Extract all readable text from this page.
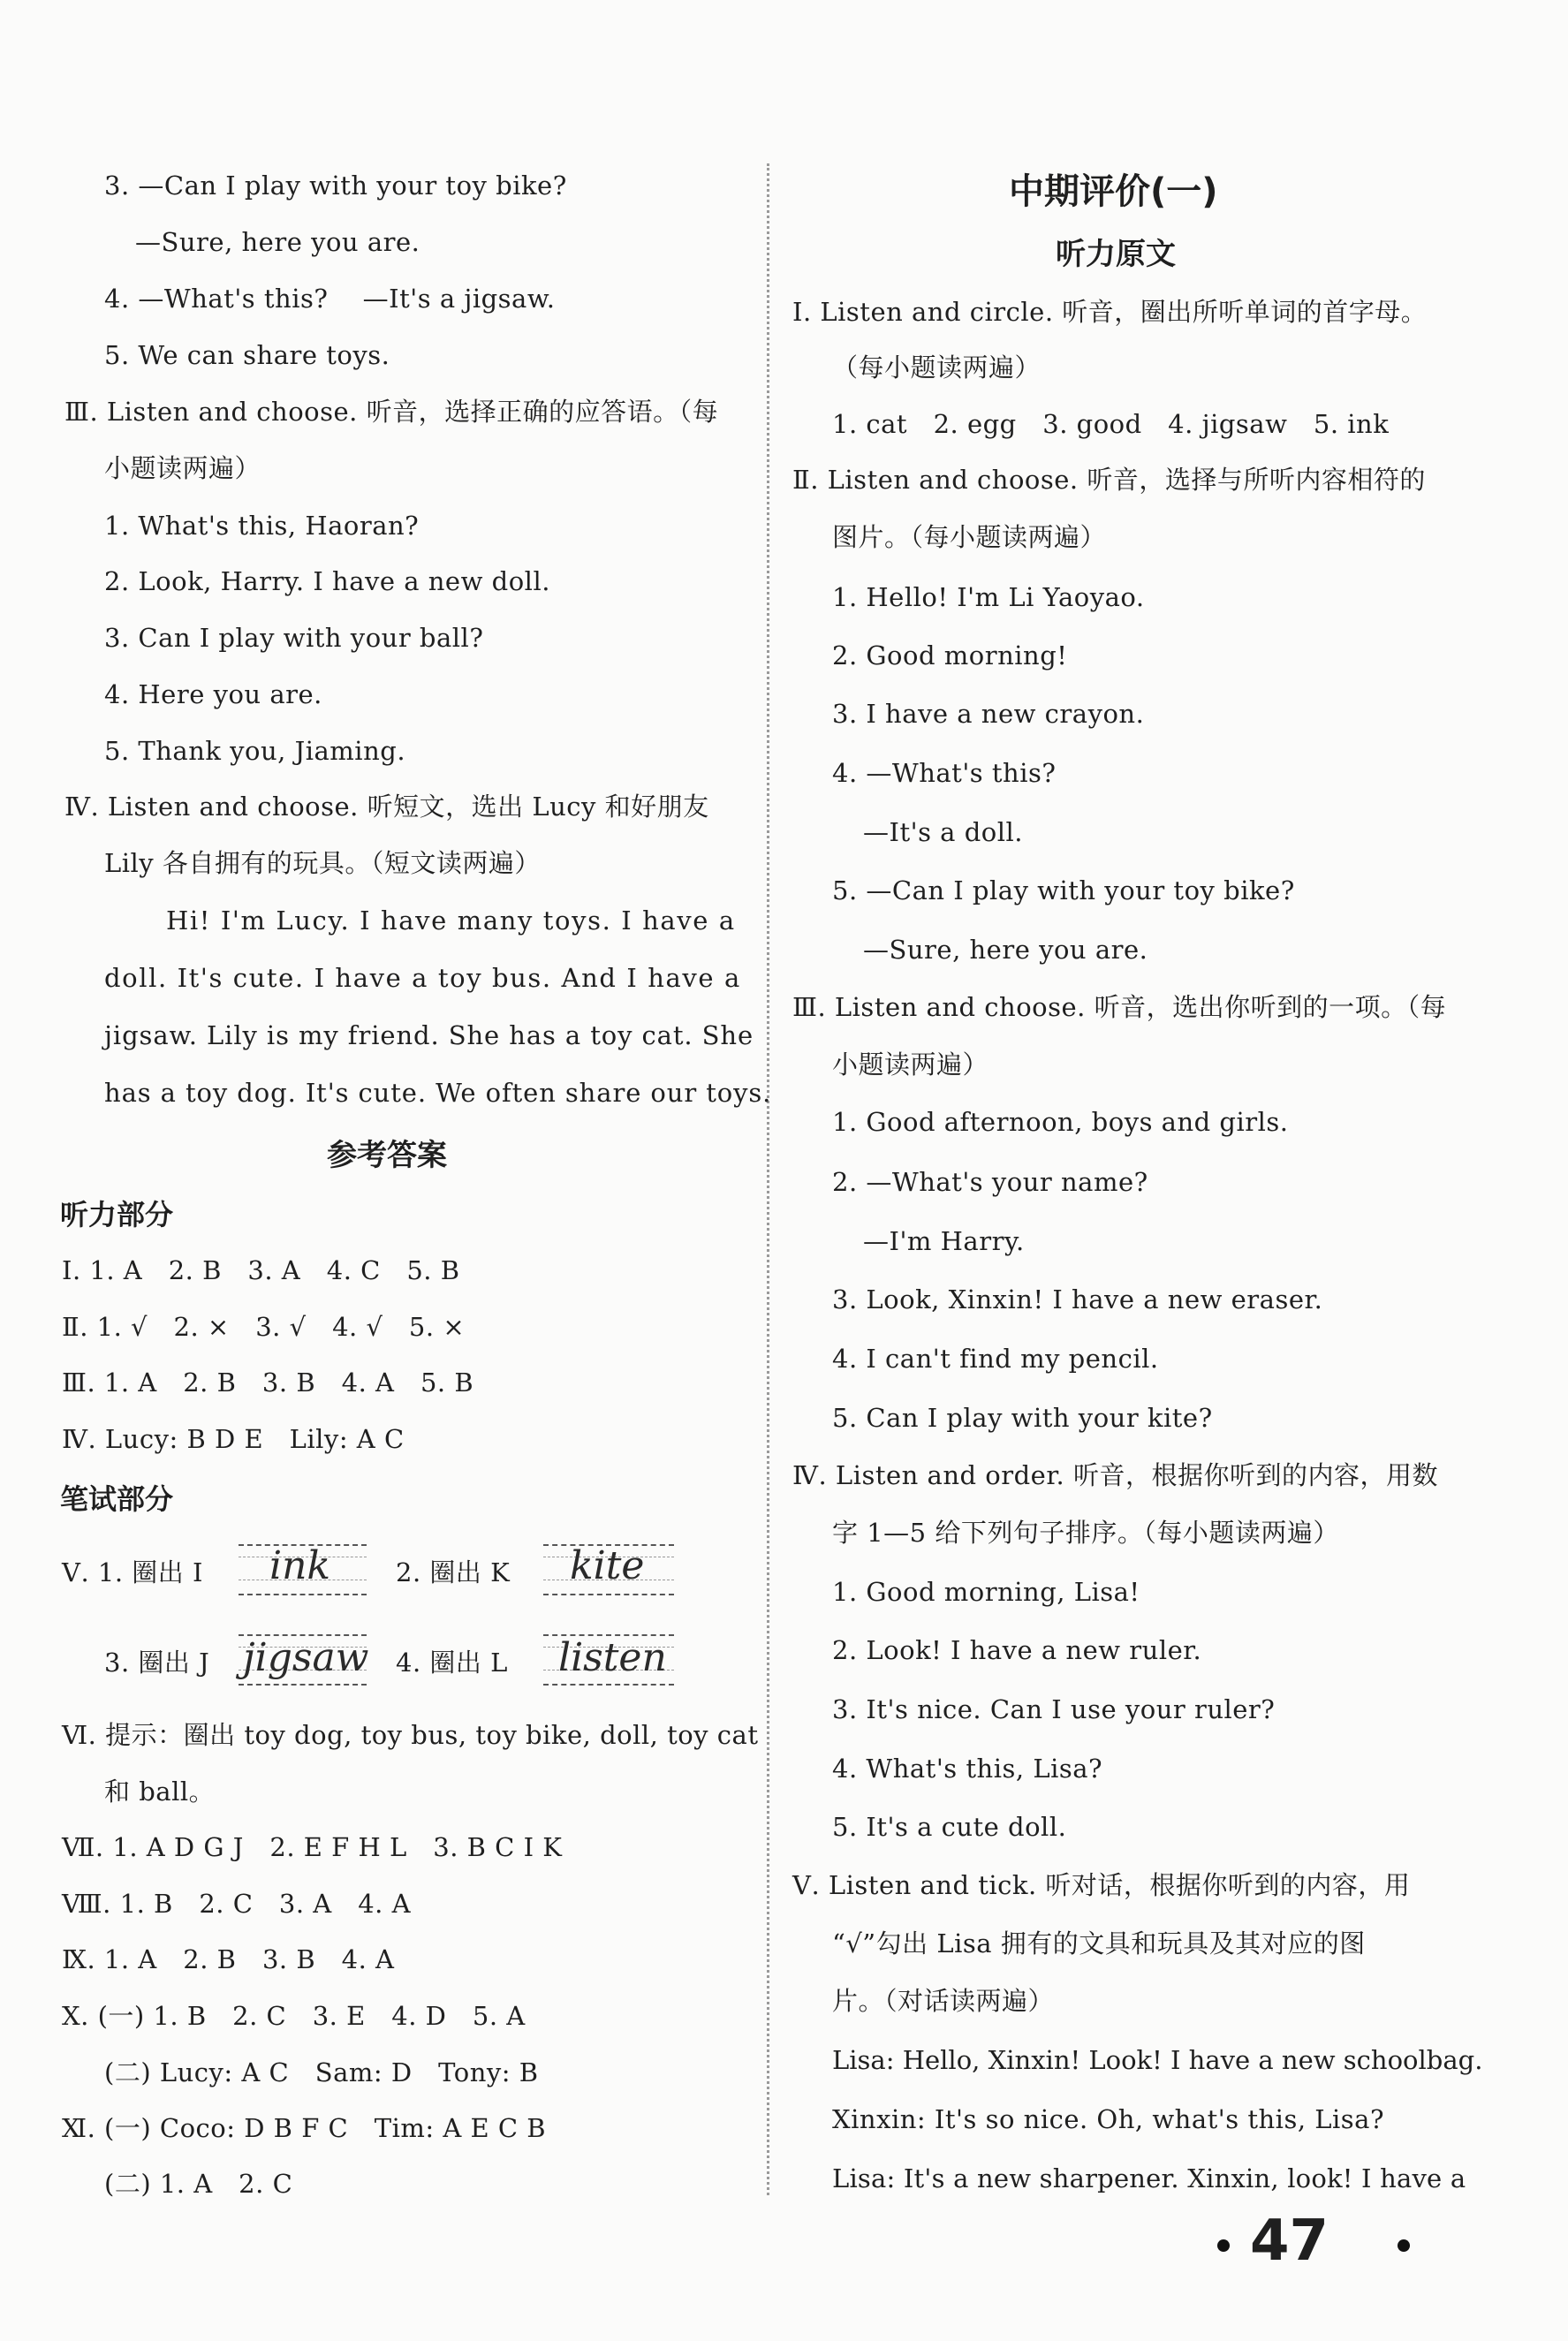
3. —Can I play with your toy bike?
—Sure, here you are.
4. —What's this?　 —It's a jigsaw.
5. We can share toys.
Ⅲ. Listen and choose. 听音，选择正确的应答语。（每
小题读两遍）
1. What's this, Haoran?
2. Look, Harry. I have a new doll.
3. Can I play with your ball?
4. Here you are.
5. Thank you, Jiaming.
Ⅳ. Listen and choose. 听短文，选出 Lucy 和好朋友
Lily 各自拥有的玩具。（短文读两遍）
Hi! I'm Lucy. I have many toys. I have a
doll. It's cute. I have a toy bus. And I have a
jigsaw. Lily is my friend. She has a toy cat. She
has a toy dog. It's cute. We often share our toys.
参考答案
听力部分
Ⅰ. 1. A　2. B　3. A　4. C　5. B
Ⅱ. 1. √　2. ×　3. √　4. √　5. ×
Ⅲ. 1. A　2. B　3. B　4. A　5. B
Ⅳ. Lucy: B D E　Lily: A C
笔试部分
Ⅴ. 1. 圈出 I ink	2. 圈出 K kite
3. 圈出 J jigsaw 4. 圈出 L listen
Ⅵ. 提示：圈出 toy dog, toy bus, toy bike, doll, toy cat
和 ball。
Ⅶ. 1. A D G J　2. E F H L　3. B C I K
Ⅷ. 1. B　2. C　3. A　4. A
Ⅸ. 1. A　2. B　3. B　4. A
Ⅹ. (一) 1. B　2. C　3. E　4. D　5. A
(二) Lucy: A C　Sam: D　Tony: B
Ⅺ. (一) Coco: D B F C　Tim: A E C B
(二) 1. A　2. C
中期评价(一)
听力原文
Ⅰ. Listen and circle. 听音，圈出所听单词的首字母。
（每小题读两遍）
1. cat　2. egg　3. good　4. jigsaw　5. ink
Ⅱ. Listen and choose. 听音，选择与所听内容相符的
图片。（每小题读两遍）
1. Hello! I'm Li Yaoyao.
2. Good morning!
3. I have a new crayon.
4. —What's this?
—It's a doll.
5. —Can I play with your toy bike?
—Sure, here you are.
Ⅲ. Listen and choose. 听音，选出你听到的一项。（每
小题读两遍）
1. Good afternoon, boys and girls.
2. —What's your name?
—I'm Harry.
3. Look, Xinxin! I have a new eraser.
4. I can't find my pencil.
5. Can I play with your kite?
Ⅳ. Listen and order. 听音，根据你听到的内容，用数
字 1—5 给下列句子排序。（每小题读两遍）
1. Good morning, Lisa!
2. Look! I have a new ruler.
3. It's nice. Can I use your ruler?
4. What's this, Lisa?
5. It's a cute doll.
Ⅴ. Listen and tick. 听对话，根据你听到的内容，用
“√”勾出 Lisa 拥有的文具和玩具及其对应的图
片。（对话读两遍）
Lisa: Hello, Xinxin! Look! I have a new schoolbag.
Xinxin: It's so nice. Oh, what's this, Lisa?
Lisa: It's a new sharpener. Xinxin, look! I have a
47
